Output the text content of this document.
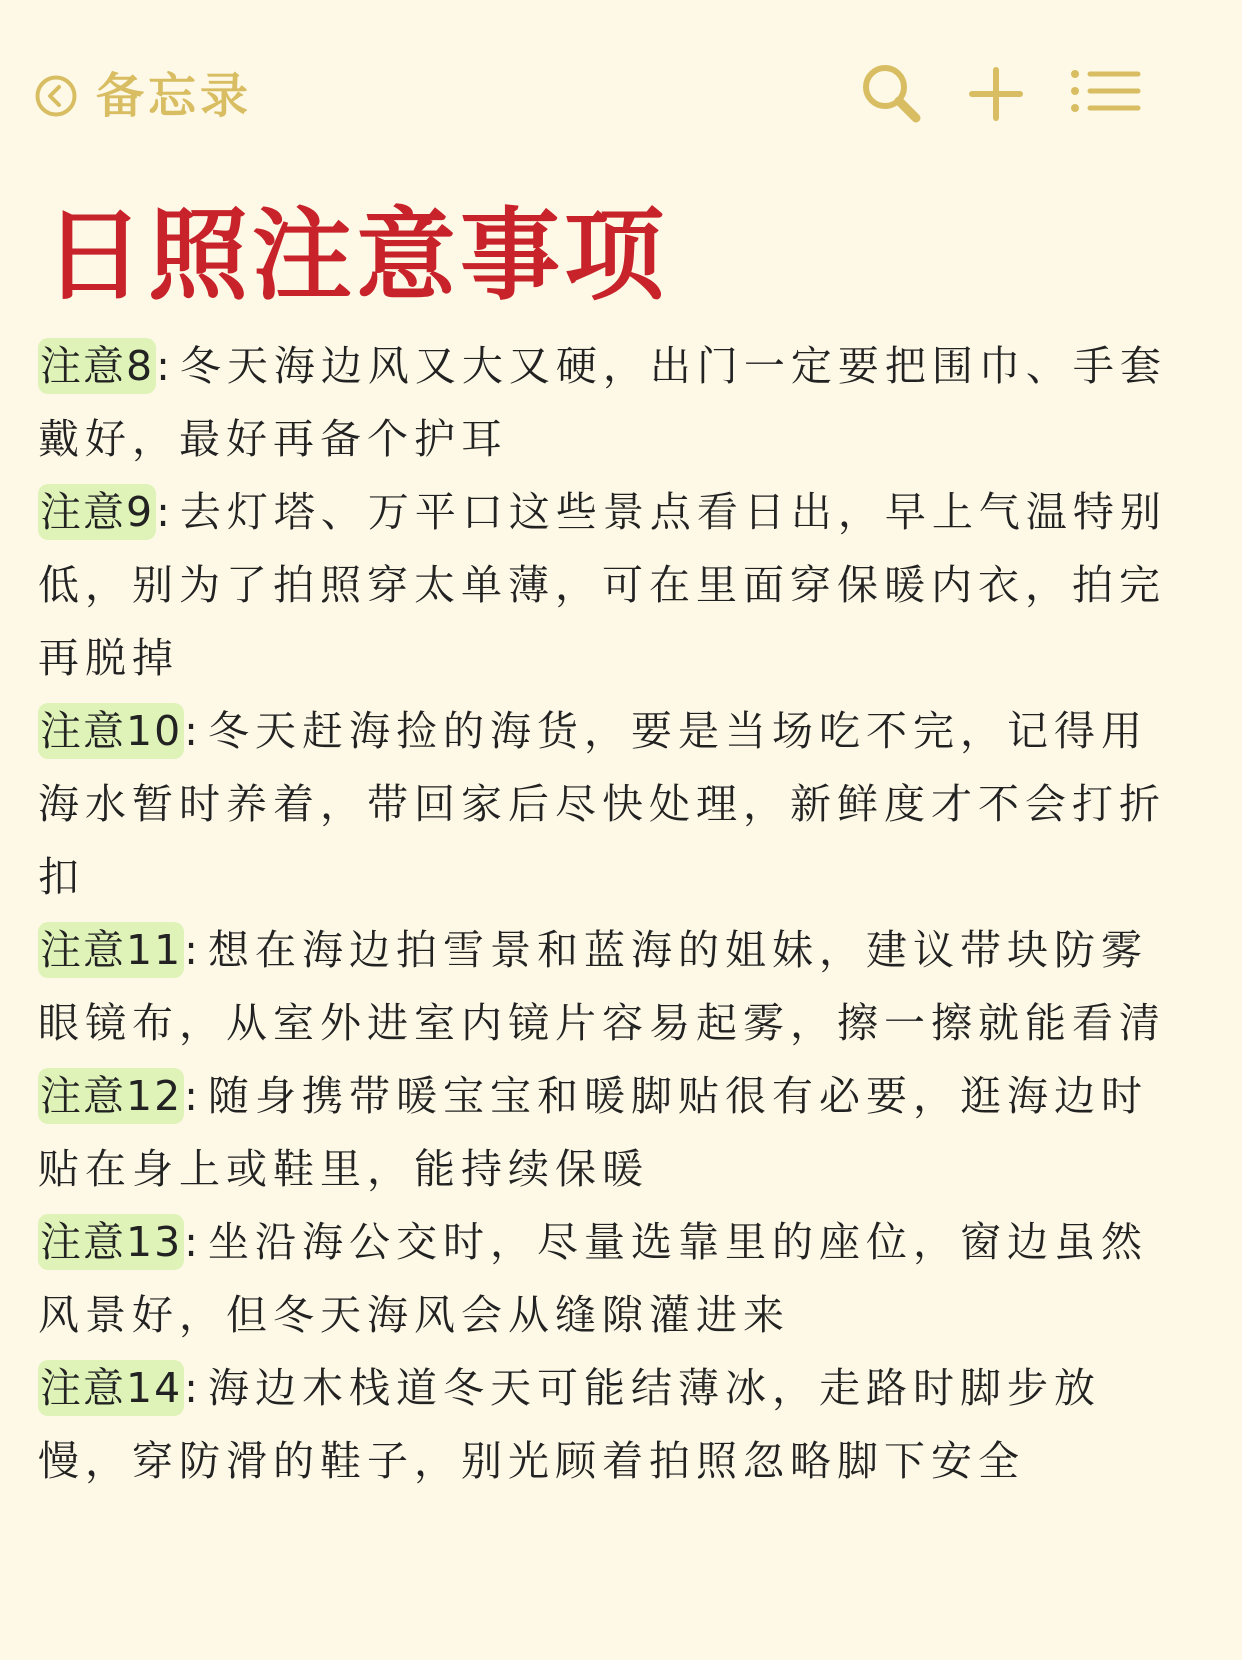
备忘录
日照注意事项

注意8:冬天海边风又大又硬，出门一定要把围巾、手套戴好，最好再备个护耳

注意9:去灯塔、万平口这些景点看日出，早上气温特别低，别为了拍照穿太单薄，可在里面穿保暖内衣，拍完再脱掉

注意10:冬天赶海捡的海货，要是当场吃不完，记得用海水暂时养着，带回家后尽快处理，新鲜度才不会打折扣

注意11:想在海边拍雪景和蓝海的姐妹，建议带块防雾眼镜布，从室外进室内镜片容易起雾，擦一擦就能看清

注意12:随身携带暖宝宝和暖脚贴很有必要，逛海边时贴在身上或鞋里，能持续保暖

注意13:坐沿海公交时，尽量选靠里的座位，窗边虽然风景好，但冬天海风会从缝隙灌进来

注意14:海边木栈道冬天可能结薄冰，走路时脚步放慢，穿防滑的鞋子，别光顾着拍照忽略脚下安全
